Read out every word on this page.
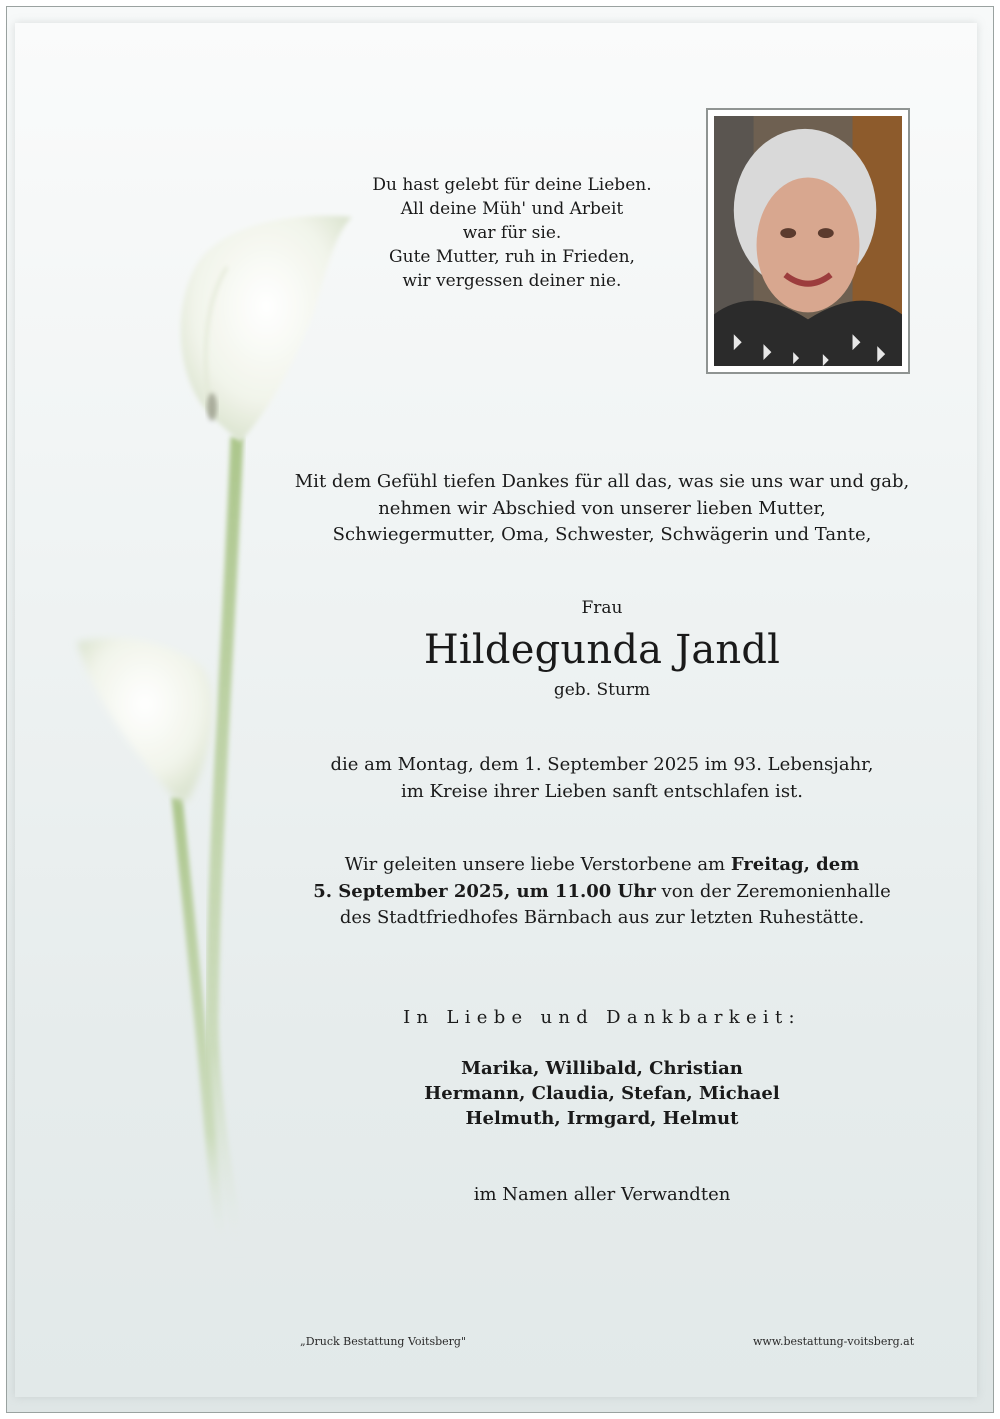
Du hast gelebt für deine Lieben.
All deine Müh' und Arbeit
war für sie.
Gute Mutter, ruh in Frieden,
wir vergessen deiner nie.
Mit dem Gefühl tiefen Dankes für all das, was sie uns war und gab,
nehmen wir Abschied von unserer lieben Mutter,
Schwiegermutter, Oma, Schwester, Schwägerin und Tante,
Frau
Hildegunda Jandl
geb. Sturm
die am Montag, dem 1. September 2025 im 93. Lebensjahr,
im Kreise ihrer Lieben sanft entschlafen ist.
Wir geleiten unsere liebe Verstorbene am Freitag, dem
5. September 2025, um 11.00 Uhr von der Zeremonienhalle
des Stadtfriedhofes Bärnbach aus zur letzten Ruhestätte.
In Liebe und Dankbarkeit:
Marika, Willibald, Christian
Hermann, Claudia, Stefan, Michael
Helmuth, Irmgard, Helmut
im Namen aller Verwandten
„Druck Bestattung Voitsberg"	www.bestattung-voitsberg.at
